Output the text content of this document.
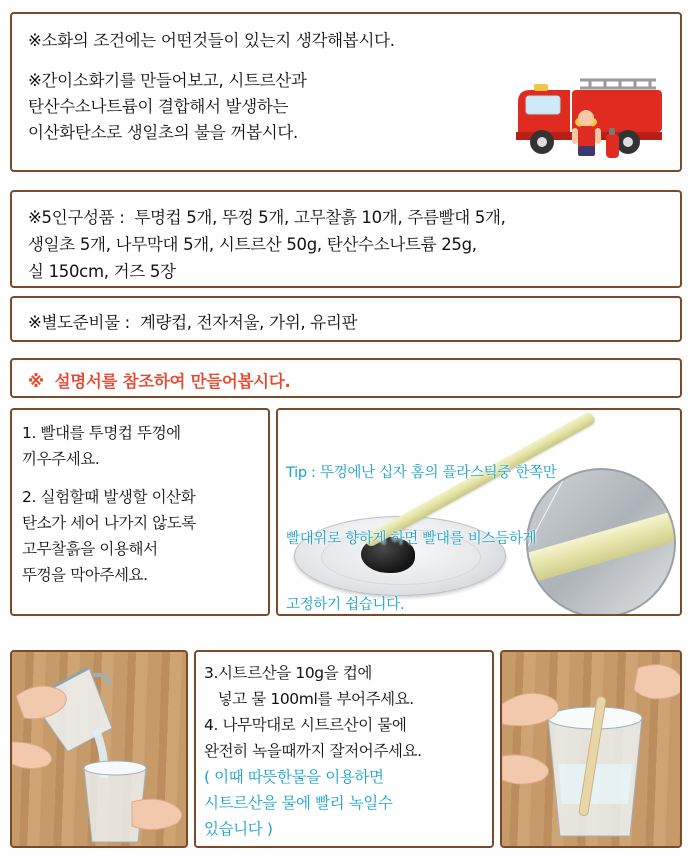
※소화의 조건에는 어떤것들이 있는지 생각해봅시다.
※간이소화기를 만들어보고, 시트르산과
탄산수소나트륨이 결합해서 발생하는
이산화탄소로 생일초의 불을 꺼봅시다.
※5인구성품 :  투명컵 5개, 뚜껑 5개, 고무찰흙 10개, 주름빨대 5개,
생일초 5개, 나무막대 5개, 시트르산 50g, 탄산수소나트륨 25g,
실 150cm, 거즈 5장
※별도준비물 :  계량컵, 전자저울, 가위, 유리판
※  설명서를 참조하여 만들어봅시다.
1. 빨대를 투명컵 뚜껑에
끼우주세요.
2. 실험할때 발생할 이산화
탄소가 세어 나가지 않도록
고무찰흙을 이용해서
뚜껑을 막아주세요.

Tip : 뚜껑에난 십자 홈의 플라스틱중 한쪽만

빨대위로 향하게 하면 빨대를 비스듬하게

고정하기 쉽습니다.

3.시트르산을 10g을 컵에
넣고 물 100ml를 부어주세요.
4. 나무막대로 시트르산이 물에
완전히 녹을때까지 잘저어주세요.
( 이때 따뜻한물을 이용하면
시트르산을 물에 빨리 녹일수
있습니다 )
